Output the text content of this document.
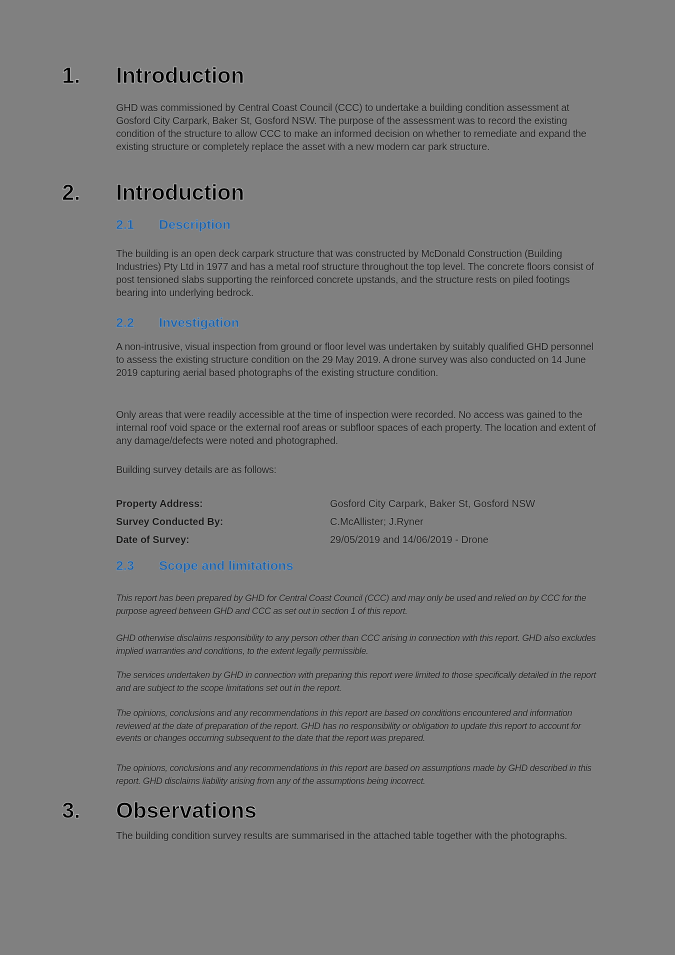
1. Introduction
GHD was commissioned by Central Coast Council (CCC) to undertake a building condition assessment at Gosford City Carpark, Baker St, Gosford NSW. The purpose of the assessment was to record the existing condition of the structure to allow CCC to make an informed decision on whether to remediate and expand the existing structure or completely replace the asset with a new modern car park structure.
2. Introduction
2.1 Description
The building is an open deck carpark structure that was constructed by McDonald Construction (Building Industries) Pty Ltd in 1977 and has a metal roof structure throughout the top level. The concrete floors consist of post tensioned slabs supporting the reinforced concrete upstands, and the structure rests on piled footings bearing into underlying bedrock.
2.2 Investigation
A non-intrusive, visual inspection from ground or floor level was undertaken by suitably qualified GHD personnel to assess the existing structure condition on the 29 May 2019. A drone survey was also conducted on 14 June 2019 capturing aerial based photographs of the existing structure condition.
Only areas that were readily accessible at the time of inspection were recorded. No access was gained to the internal roof void space or the external roof areas or subfloor spaces of each property. The location and extent of any damage/defects were noted and photographed.
Building survey details are as follows:
Property Address:	Gosford City Carpark, Baker St, Gosford NSW
Survey Conducted By:	C.McAllister; J.Ryner
Date of Survey:	29/05/2019 and 14/06/2019 - Drone
2.3 Scope and limitations
This report has been prepared by GHD for Central Coast Council (CCC) and may only be used and relied on by CCC for the purpose agreed between GHD and CCC as set out in section 1 of this report.
GHD otherwise disclaims responsibility to any person other than CCC arising in connection with this report. GHD also excludes implied warranties and conditions, to the extent legally permissible.
The services undertaken by GHD in connection with preparing this report were limited to those specifically detailed in the report and are subject to the scope limitations set out in the report.
The opinions, conclusions and any recommendations in this report are based on conditions encountered and information reviewed at the date of preparation of the report. GHD has no responsibility or obligation to update this report to account for events or changes occurring subsequent to the date that the report was prepared.
The opinions, conclusions and any recommendations in this report are based on assumptions made by GHD described in this report. GHD disclaims liability arising from any of the assumptions being incorrect.
3. Observations
The building condition survey results are summarised in the attached table together with the photographs.
